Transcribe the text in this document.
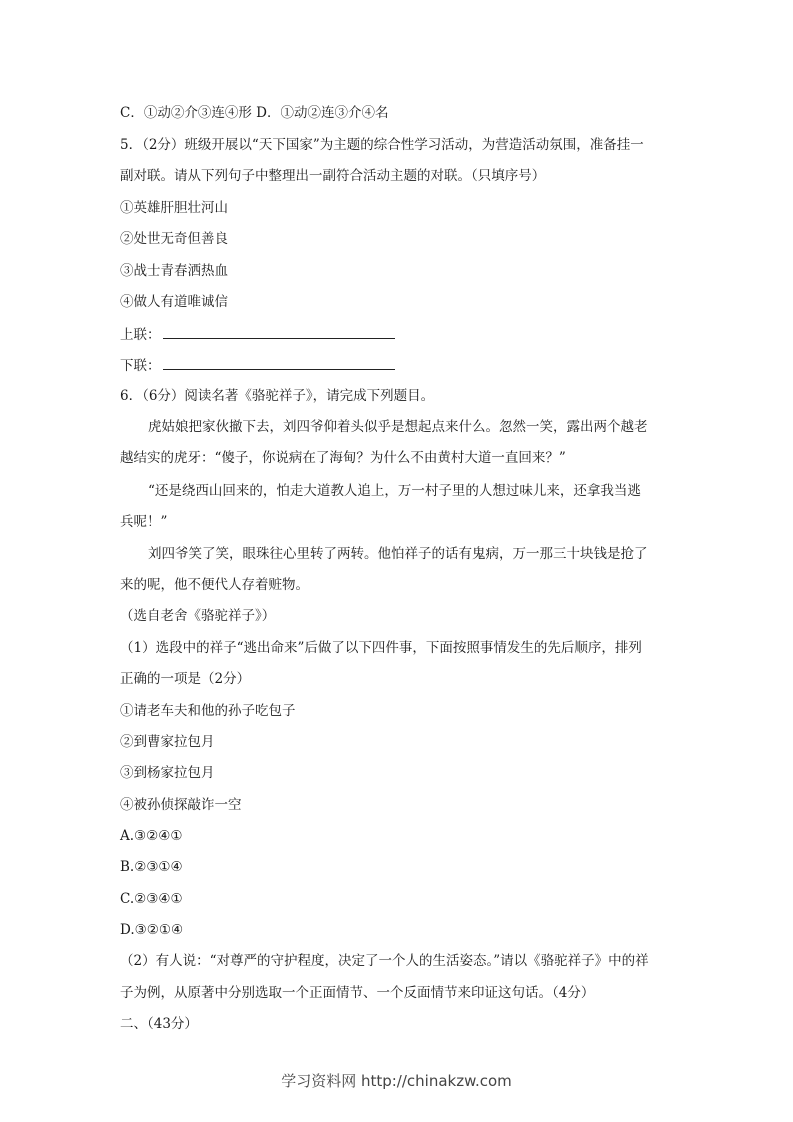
C．①动②介③连④形 D．①动②连③介④名
5．（2分）班级开展以“天下国家”为主题的综合性学习活动，为营造活动氛围，准备挂一
副对联。请从下列句子中整理出一副符合活动主题的对联。（只填序号）
①英雄肝胆壮河山
②处世无奇但善良
③战士青春洒热血
④做人有道唯诚信
上联：
下联：
6．（6分）阅读名著《骆驼祥子》，请完成下列题目。
虎姑娘把家伙撤下去，刘四爷仰着头似乎是想起点来什么。忽然一笑，露出两个越老
越结实的虎牙：“傻子，你说病在了海甸？为什么不由黄村大道一直回来？”
“还是绕西山回来的，怕走大道教人追上，万一村子里的人想过味儿来，还拿我当逃
兵呢！”
刘四爷笑了笑，眼珠往心里转了两转。他怕祥子的话有鬼病，万一那三十块钱是抢了
来的呢，他不便代人存着赃物。
（选自老舍《骆驼祥子》）
（1）选段中的祥子“逃出命来”后做了以下四件事，下面按照事情发生的先后顺序，排列
正确的一项是（2分）
①请老车夫和他的孙子吃包子
②到曹家拉包月
③到杨家拉包月
④被孙侦探敲诈一空
A.③②④①
B.②③①④
C.②③④①
D.③②①④
（2）有人说：“对尊严的守护程度，决定了一个人的生活姿态。”请以《骆驼祥子》中的祥
子为例，从原著中分别选取一个正面情节、一个反面情节来印证这句话。（4分）
二、（43分）
学习资料网 http://chinakzw.com
